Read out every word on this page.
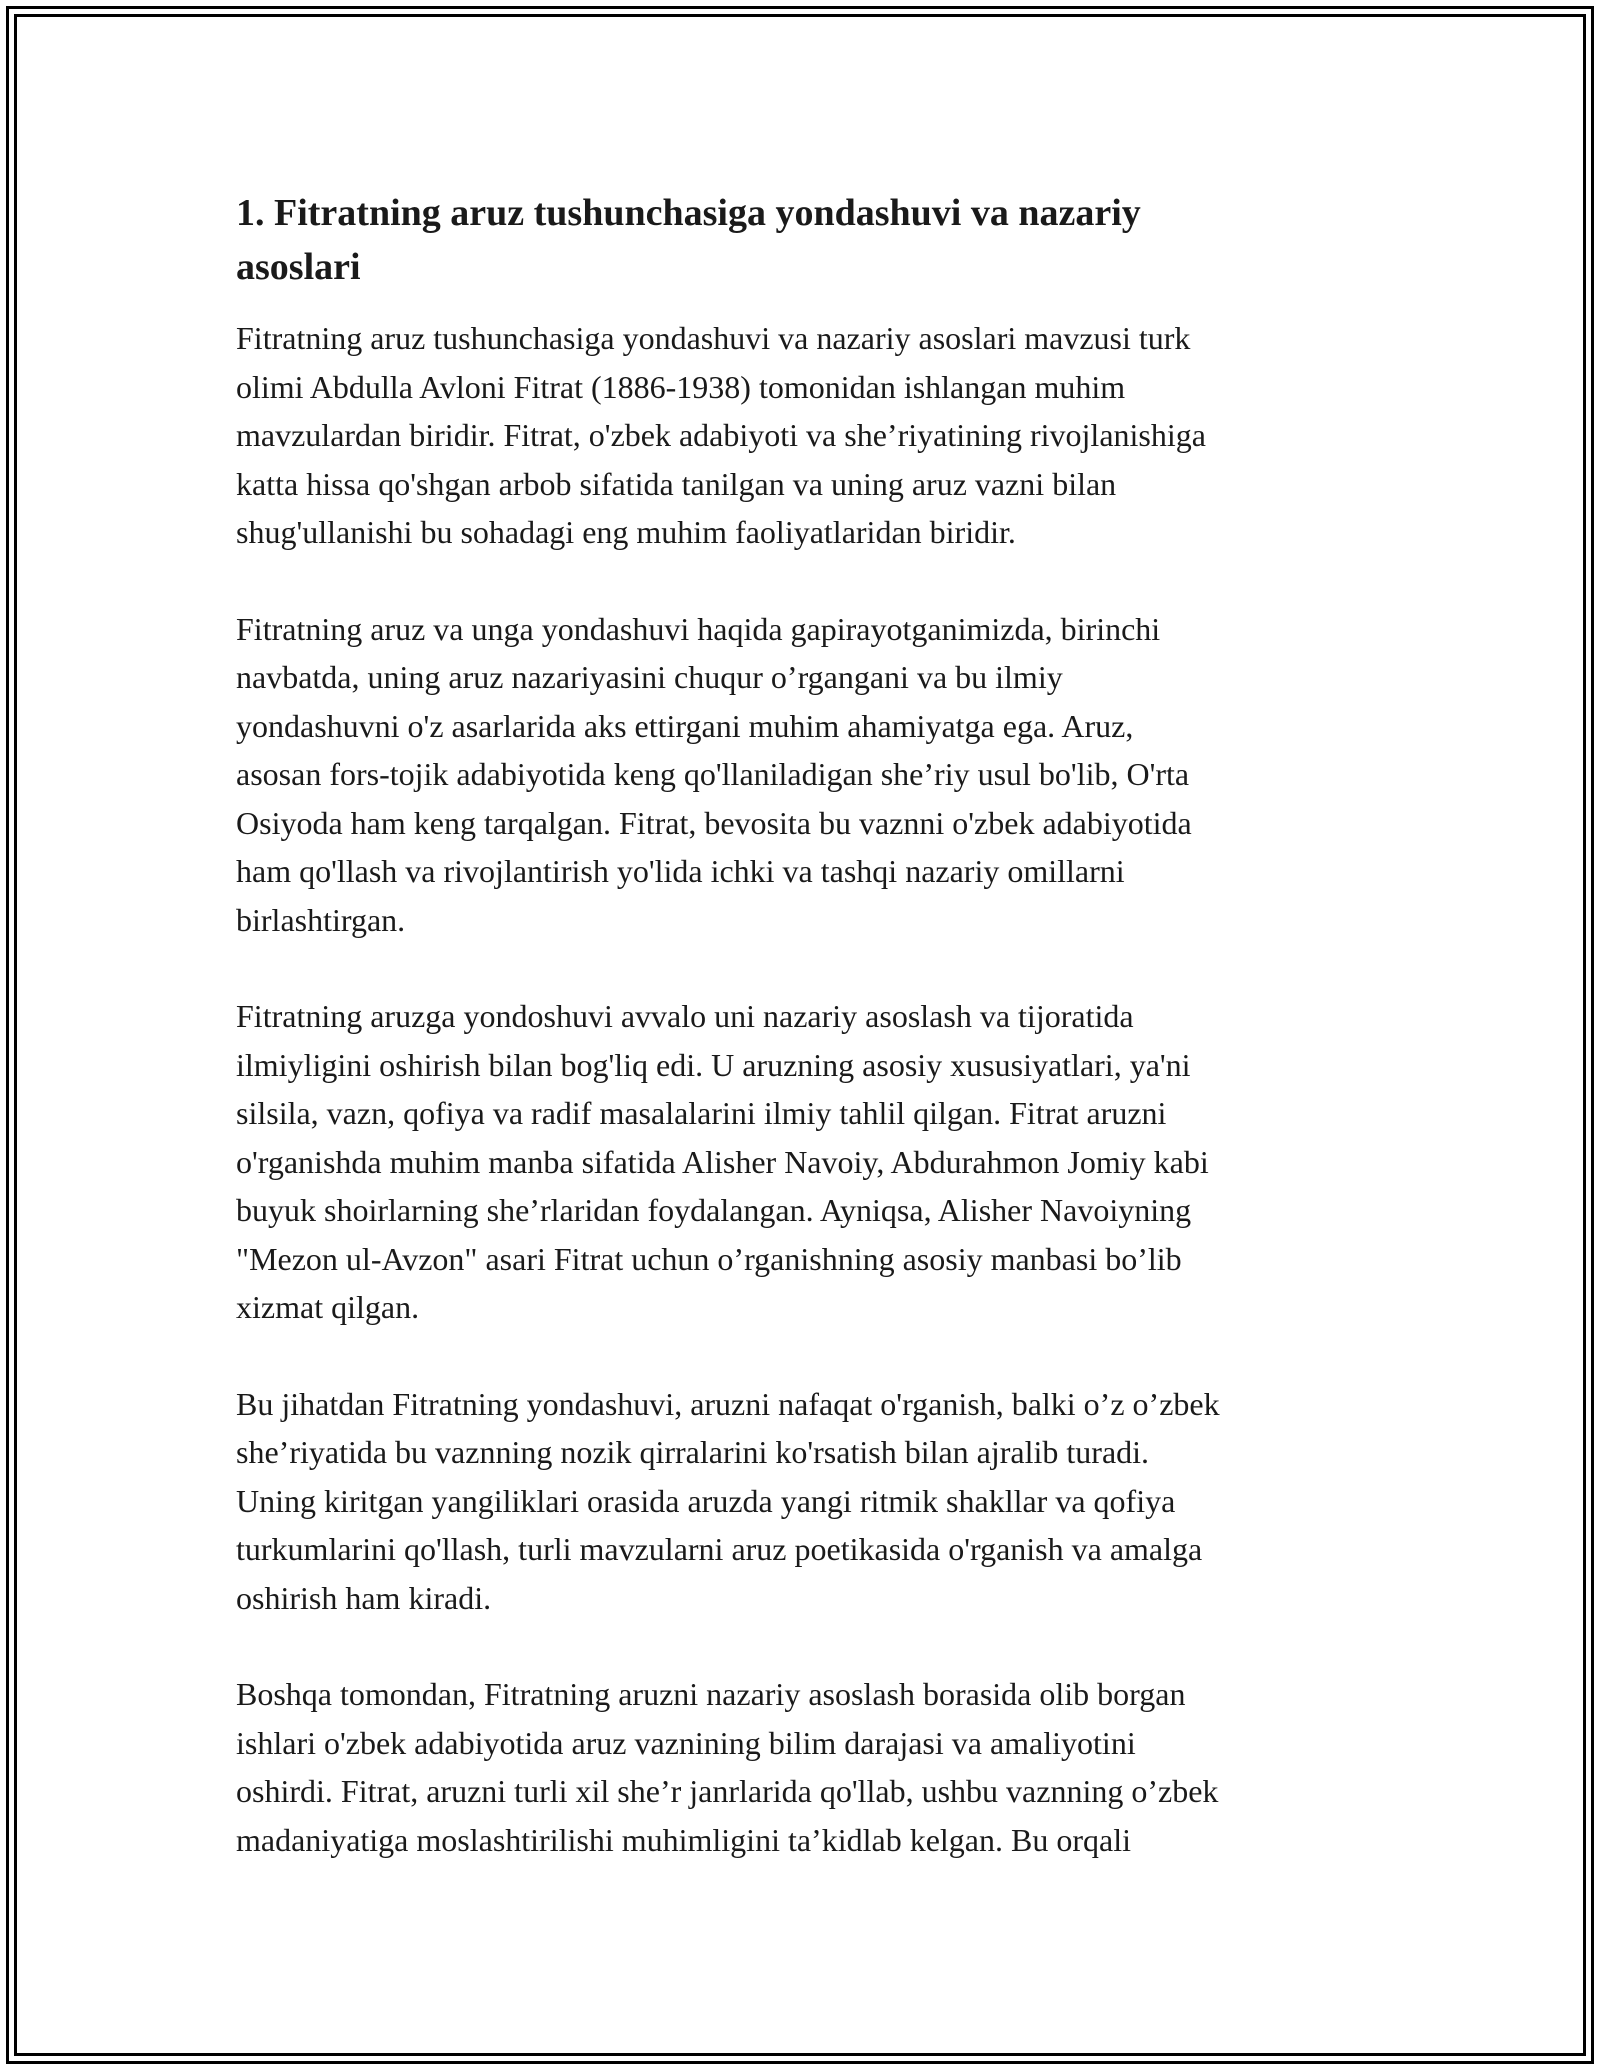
1. Fitratning aruz tushunchasiga yondashuvi va nazariy
asoslari

Fitratning aruz tushunchasiga yondashuvi va nazariy asoslari mavzusi turk
olimi Abdulla Avloni Fitrat (1886-1938) tomonidan ishlangan muhim
mavzulardan biridir. Fitrat, o'zbek adabiyoti va she’riyatining rivojlanishiga
katta hissa qo'shgan arbob sifatida tanilgan va uning aruz vazni bilan
shug'ullanishi bu sohadagi eng muhim faoliyatlaridan biridir.

Fitratning aruz va unga yondashuvi haqida gapirayotganimizda, birinchi
navbatda, uning aruz nazariyasini chuqur o’rgangani va bu ilmiy
yondashuvni o'z asarlarida aks ettirgani muhim ahamiyatga ega. Aruz,
asosan fors-tojik adabiyotida keng qo'llaniladigan she’riy usul bo'lib, O'rta
Osiyoda ham keng tarqalgan. Fitrat, bevosita bu vaznni o'zbek adabiyotida
ham qo'llash va rivojlantirish yo'lida ichki va tashqi nazariy omillarni
birlashtirgan.

Fitratning aruzga yondoshuvi avvalo uni nazariy asoslash va tijoratida
ilmiyligini oshirish bilan bog'liq edi. U aruzning asosiy xususiyatlari, ya'ni
silsila, vazn, qofiya va radif masalalarini ilmiy tahlil qilgan. Fitrat aruzni
o'rganishda muhim manba sifatida Alisher Navoiy, Abdurahmon Jomiy kabi
buyuk shoirlarning she’rlaridan foydalangan. Ayniqsa, Alisher Navoiyning
"Mezon ul-Avzon" asari Fitrat uchun o’rganishning asosiy manbasi bo’lib
xizmat qilgan.

Bu jihatdan Fitratning yondashuvi, aruzni nafaqat o'rganish, balki o’z o’zbek
she’riyatida bu vaznning nozik qirralarini ko'rsatish bilan ajralib turadi.
Uning kiritgan yangiliklari orasida aruzda yangi ritmik shakllar va qofiya
turkumlarini qo'llash, turli mavzularni aruz poetikasida o'rganish va amalga
oshirish ham kiradi.

Boshqa tomondan, Fitratning aruzni nazariy asoslash borasida olib borgan
ishlari o'zbek adabiyotida aruz vaznining bilim darajasi va amaliyotini
oshirdi. Fitrat, aruzni turli xil she’r janrlarida qo'llab, ushbu vaznning o’zbek
madaniyatiga moslashtirilishi muhimligini ta’kidlab kelgan. Bu orqali
